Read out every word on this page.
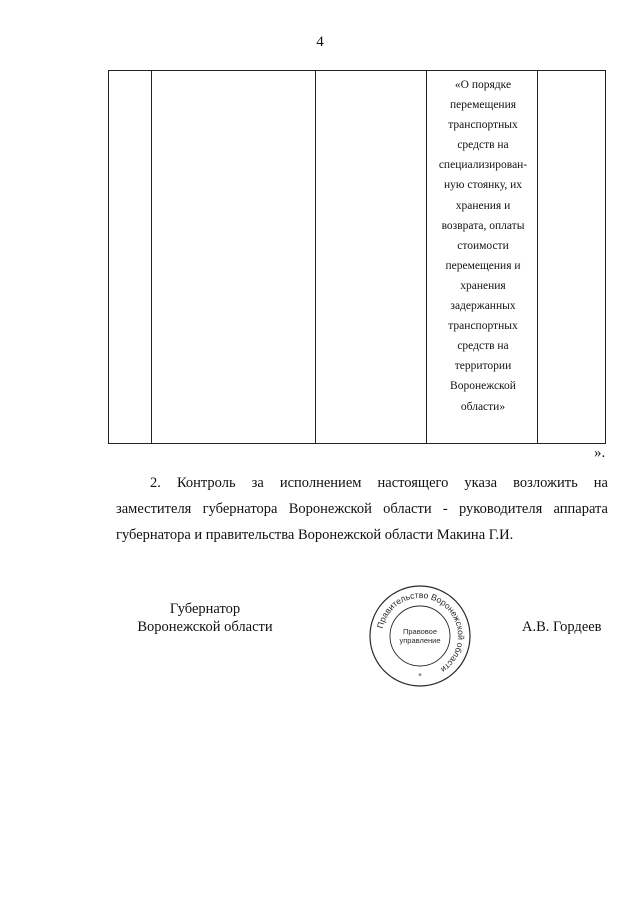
4
«О порядке
перемещения
транспортных
средств на
специализирован-
ную стоянку, их
хранения и
возврата, оплаты
стоимости
перемещения и
хранения
задержанных
транспортных
средств на
территории
Воронежской
области»
».
2. Контроль за исполнением настоящего указа возложить на
заместителя губернатора Воронежской области - руководителя аппарата
губернатора и правительства Воронежской области Макина Г.И.
Губернатор
Воронежской области	Правительство Воронежской области
Правовое
управление
*
А.В. Гордеев
